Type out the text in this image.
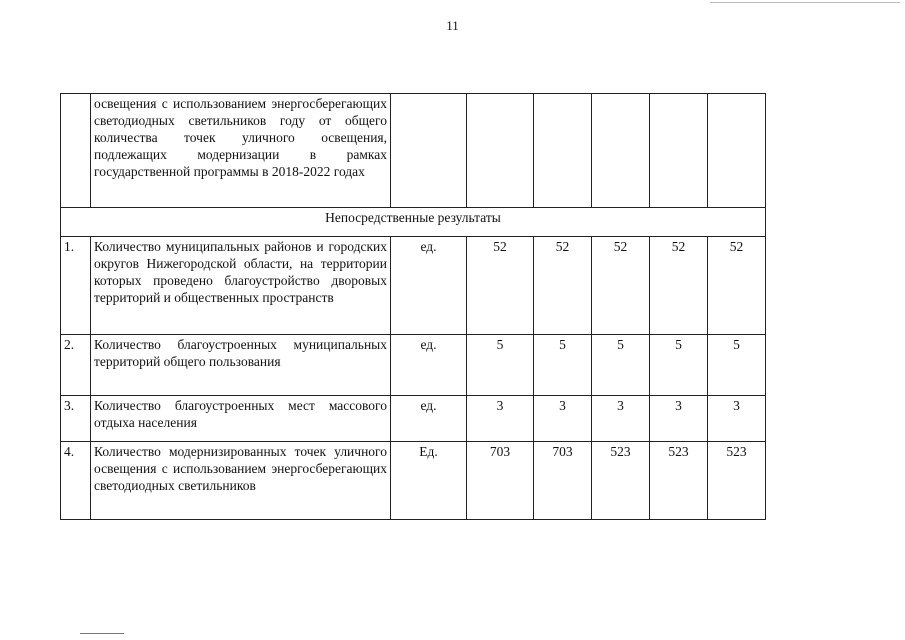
11
	освещения с использованием энергосберегающих светодиодных светильников году от общего количества точек уличного освещения, подлежащих модернизации в рамках государственной программы в 2018-2022 годах						
Непосредственные результаты							
1.	Количество муниципальных районов и городских округов Нижегородской области, на территории которых проведено благоустройство дворовых территорий и общественных пространств	ед.	52	52	52	52	52
2.	Количество благоустроенных муниципальных территорий общего пользования	ед.	5	5	5	5	5
3.	Количество благоустроенных мест массового отдыха населения	ед.	3	3	3	3	3
4.	Количество модернизированных точек уличного освещения с использованием энергосберегающих светодиодных светильников	Ед.	703	703	523	523	523
